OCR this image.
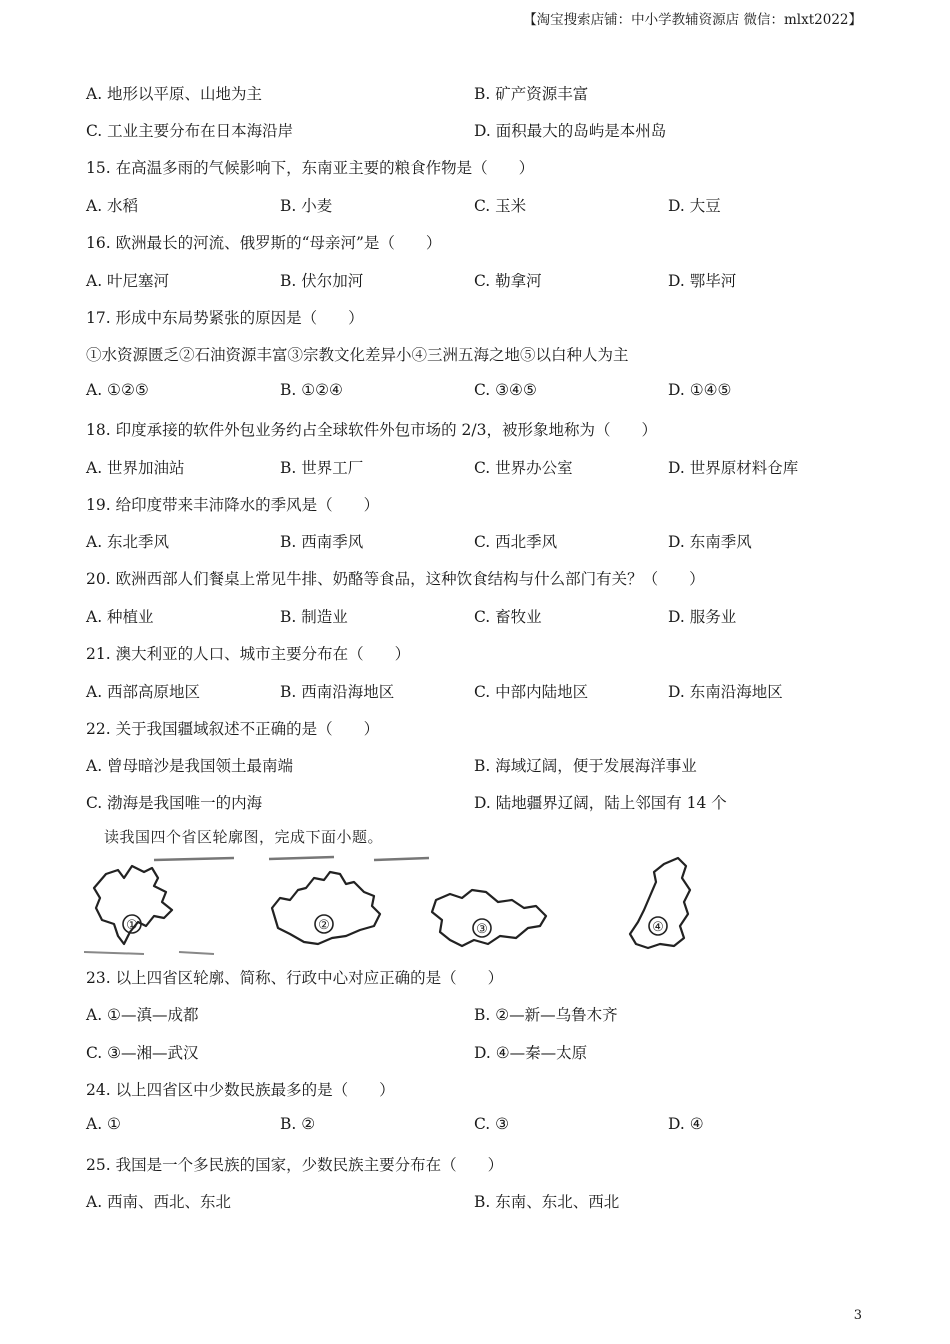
【淘宝搜索店铺：中小学教辅资源店 微信：mlxt2022】
A. 地形以平原、山地为主	B. 矿产资源丰富
C. 工业主要分布在日本海沿岸	D. 面积最大的岛屿是本州岛
15. 在高温多雨的气候影响下，东南亚主要的粮食作物是（　　）
A. 水稻	B. 小麦	C. 玉米	D. 大豆
16. 欧洲最长的河流、俄罗斯的“母亲河”是（　　）
A. 叶尼塞河	B. 伏尔加河	C. 勒拿河	D. 鄂毕河
17. 形成中东局势紧张的原因是（　　）
①水资源匮乏②石油资源丰富③宗教文化差异小④三洲五海之地⑤以白种人为主
A. ①②⑤	B. ①②④	C. ③④⑤	D. ①④⑤
18. 印度承接的软件外包业务约占全球软件外包市场的 2/3，被形象地称为（　　）
A. 世界加油站	B. 世界工厂	C. 世界办公室	D. 世界原材料仓库
19. 给印度带来丰沛降水的季风是（　　）
A. 东北季风	B. 西南季风	C. 西北季风	D. 东南季风
20. 欧洲西部人们餐桌上常见牛排、奶酪等食品，这种饮食结构与什么部门有关？（　　）
A. 种植业	B. 制造业	C. 畜牧业	D. 服务业
21. 澳大利亚的人口、城市主要分布在（　　）
A. 西部高原地区	B. 西南沿海地区	C. 中部内陆地区	D. 东南沿海地区
22. 关于我国疆域叙述不正确的是（　　）
A. 曾母暗沙是我国领土最南端	B. 海域辽阔，便于发展海洋事业
C. 渤海是我国唯一的内海	D. 陆地疆界辽阔，陆上邻国有 14 个
读我国四个省区轮廓图，完成下面小题。
①	②	③	④
23. 以上四省区轮廓、简称、行政中心对应正确的是（　　）
A. ①—滇—成都	B. ②—新—乌鲁木齐
C. ③—湘—武汉	D. ④—秦—太原
24. 以上四省区中少数民族最多的是（　　）
A. ①	B. ②	C. ③	D. ④
25. 我国是一个多民族的国家，少数民族主要分布在（　　）
A. 西南、西北、东北	B. 东南、东北、西北
3
